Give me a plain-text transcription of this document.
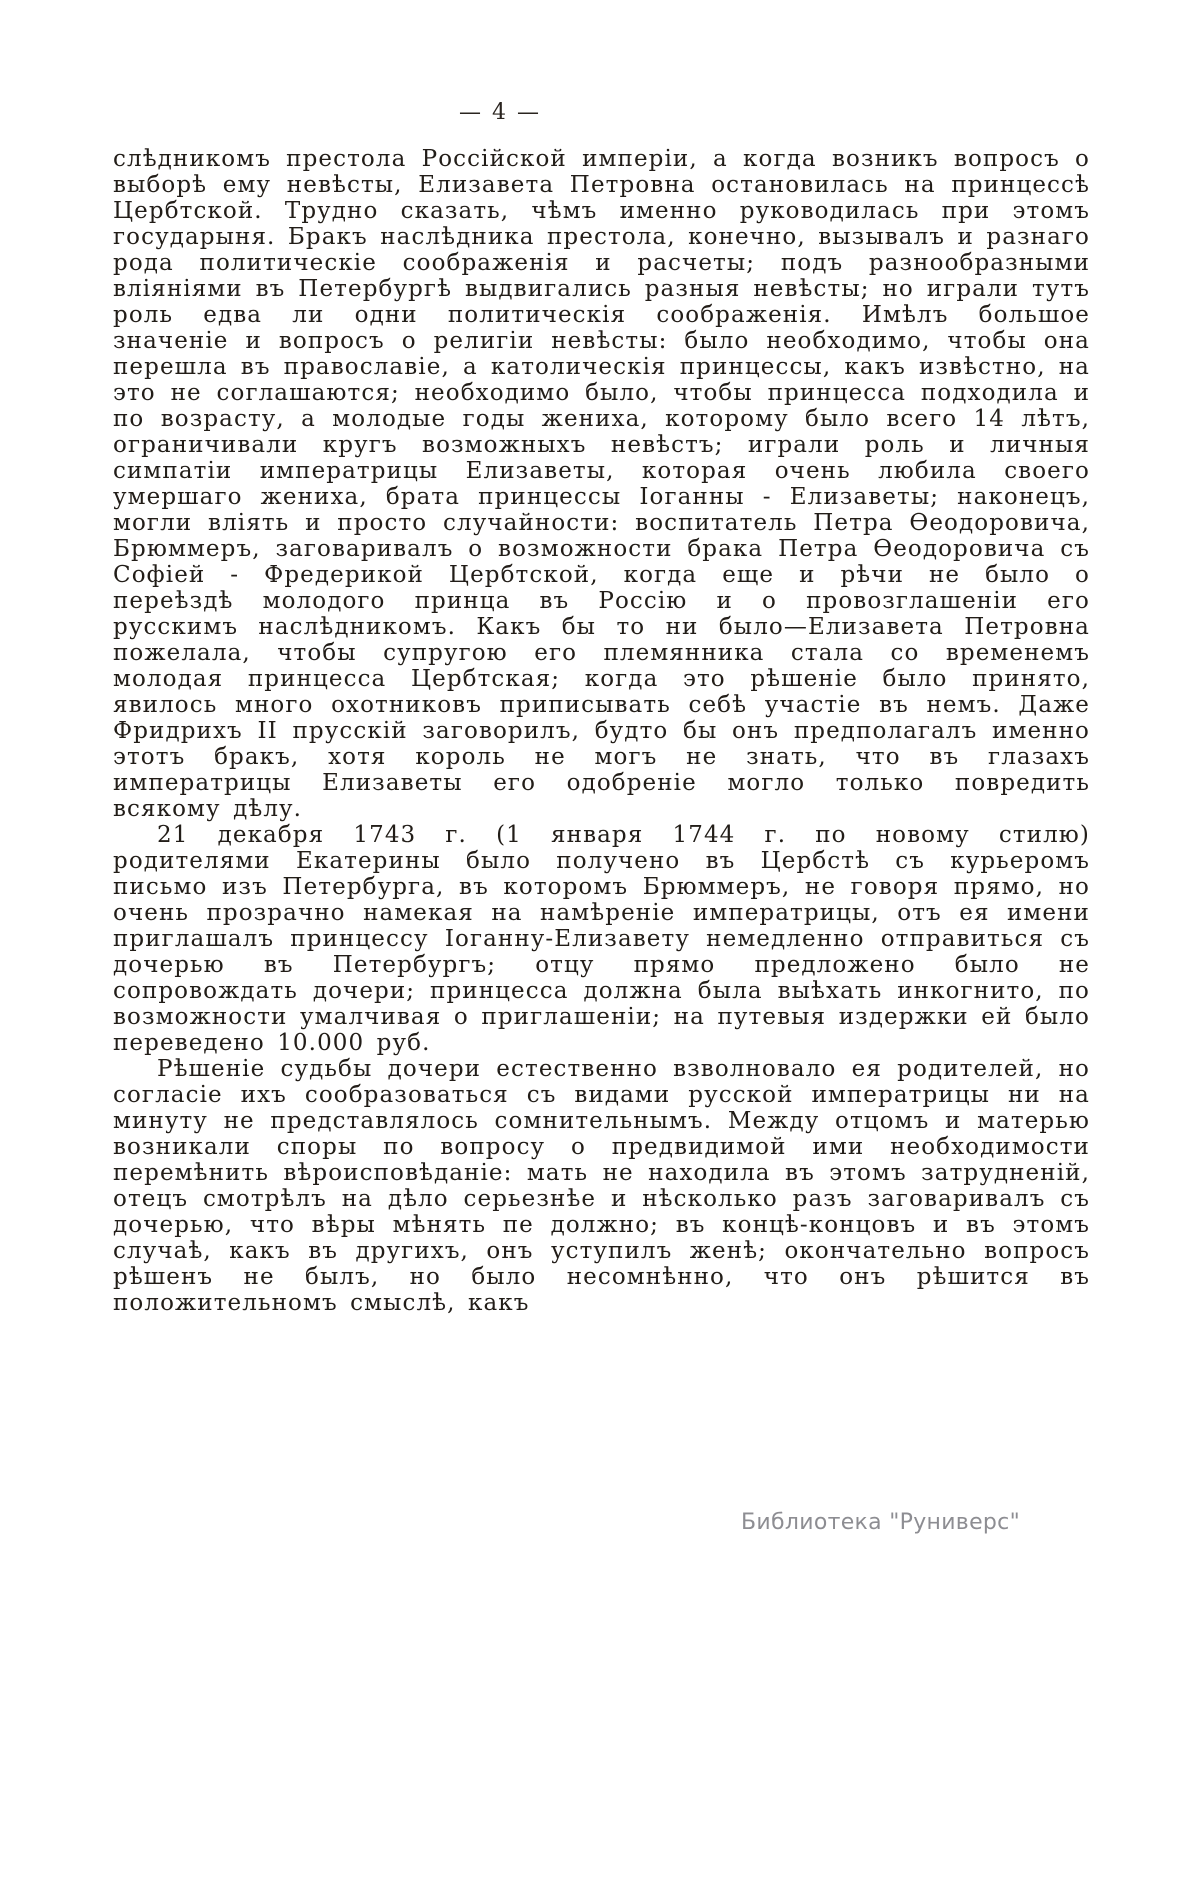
— 4 —

слѣдникомъ престола Россійской имперіи, а когда возникъ вопросъ о выборѣ ему невѣсты, Елизавета Петровна остановилась на принцессѣ Цербтской. Трудно сказать, чѣмъ именно руководилась при этомъ государыня. Бракъ наслѣдника престола, конечно, вызывалъ и разнаго рода политическіе соображенія и расчеты; подъ разнообразными вліяніями въ Петербургѣ выдвигались разныя невѣсты; но играли тутъ роль едва ли одни политическія соображенія. Имѣлъ большое значеніе и вопросъ о религіи невѣсты: было необходимо, чтобы она перешла въ православіе, а католическія принцессы, какъ извѣстно, на это не соглашаются; необходимо было, чтобы принцесса подходила и по возрасту, а молодые годы жениха, которому было всего 14 лѣтъ, ограничивали кругъ возможныхъ невѣстъ; играли роль и личныя симпатіи императрицы Елизаветы, которая очень любила своего умершаго жениха, брата принцессы Іоганны - Елизаветы; наконецъ, могли вліять и просто случайности: воспитатель Петра Ѳеодоровича, Брюммеръ, заговаривалъ о возможности брака Петра Ѳеодоровича съ Софіей - Фредерикой Цербтской, когда еще и рѣчи не было о переѣздѣ молодого принца въ Россію и о провозглашеніи его русскимъ наслѣдникомъ. Какъ бы то ни было—Елизавета Петровна пожелала, чтобы супругою его племянника стала со временемъ молодая принцесса Цербтская; когда это рѣшеніе было принято, явилось много охотниковъ приписывать себѣ участіе въ немъ. Даже Фридрихъ II прусскій заговорилъ, будто бы онъ предполагалъ именно этотъ бракъ, хотя король не могъ не знать, что въ глазахъ императрицы Елизаветы его одобреніе могло только повредить всякому дѣлу.

21 декабря 1743 г. (1 января 1744 г. по новому стилю) родителями Екатерины было получено въ Цербстѣ съ курьеромъ письмо изъ Петербурга, въ которомъ Брюммеръ, не говоря прямо, но очень прозрачно намекая на намѣреніе императрицы, отъ ея имени приглашалъ принцессу Іоганну-Елизавету немедленно отправиться съ дочерью въ Петербургъ; отцу прямо предложено было не сопровождать дочери; принцесса должна была выѣхать инкогнито, по возможности умалчивая о приглашеніи; на путевыя издержки ей было переведено 10.000 руб.

Рѣшеніе судьбы дочери естественно взволновало ея родителей, но согласіе ихъ сообразоваться съ видами русской императрицы ни на минуту не представлялось сомнительнымъ. Между отцомъ и матерью возникали споры по вопросу о предвидимой ими необходимости перемѣнить вѣроисповѣданіе: мать не находила въ этомъ затрудненій, отецъ смотрѣлъ на дѣло серьезнѣе и нѣсколько разъ заговаривалъ съ дочерью, что вѣры мѣнять пе должно; въ концѣ-концовъ и въ этомъ случаѣ, какъ въ другихъ, онъ уступилъ женѣ; окончательно вопросъ рѣшенъ не былъ, но было несомнѣнно, что онъ рѣшится въ положительномъ смыслѣ, какъ

Библиотека "Руниверс"
